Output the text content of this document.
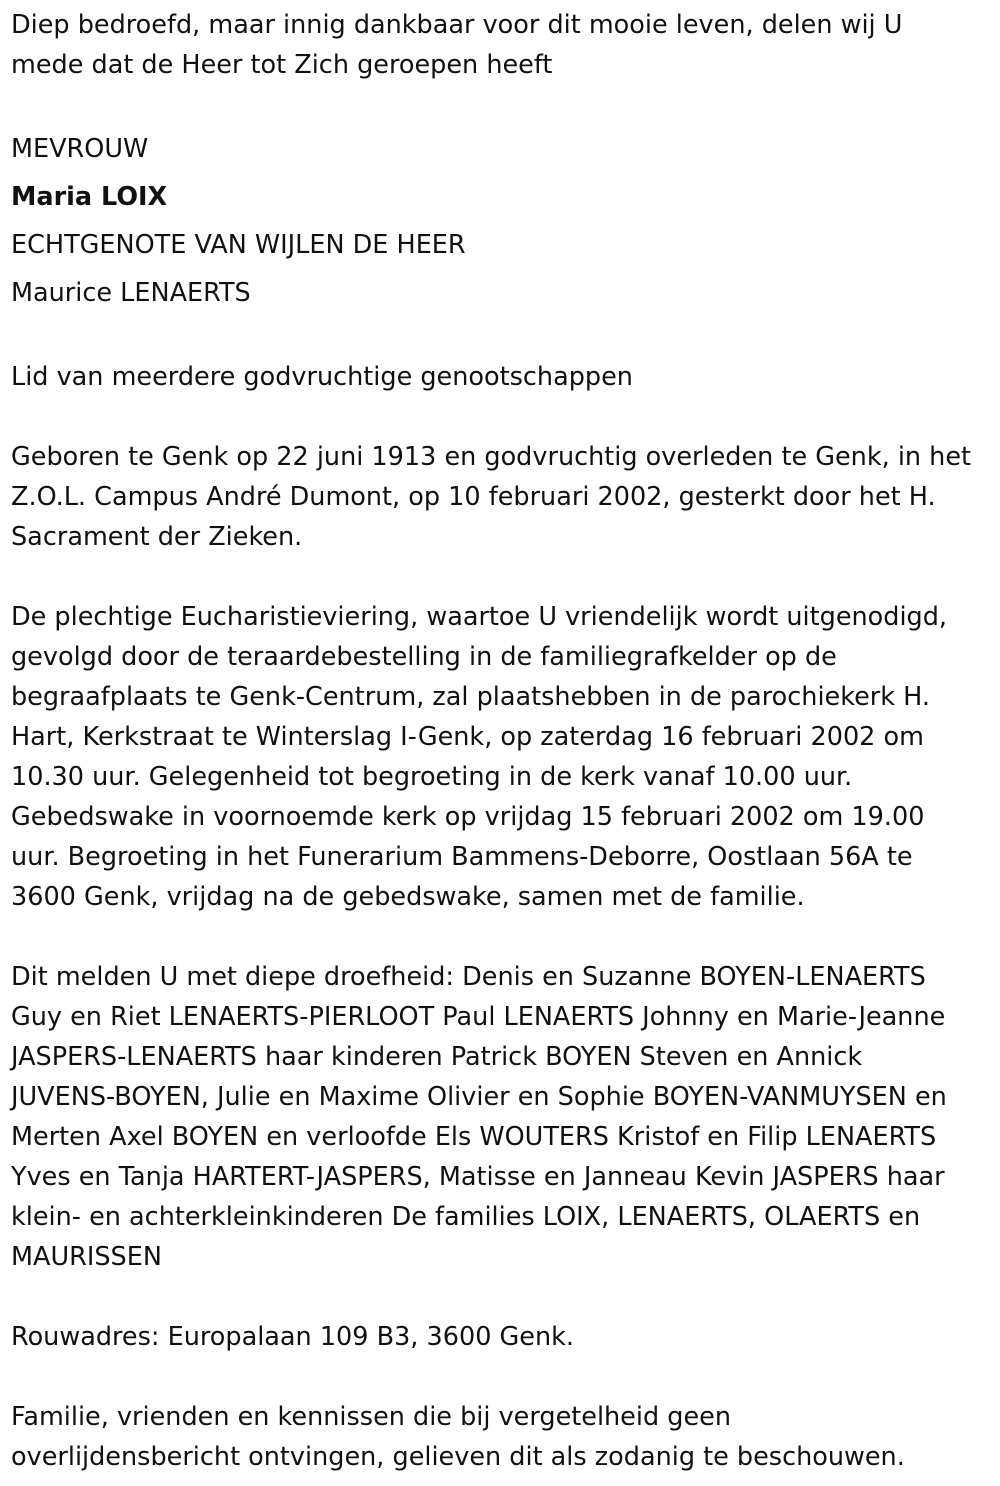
Diep bedroefd, maar innig dankbaar voor dit mooie leven, delen wij U

mede dat de Heer tot Zich geroepen heeft

MEVROUW

Maria LOIX

ECHTGENOTE VAN WIJLEN DE HEER

Maurice LENAERTS

Lid van meerdere godvruchtige genootschappen

Geboren te Genk op 22 juni 1913 en godvruchtig overleden te Genk, in het

Z.O.L. Campus André Dumont, op 10 februari 2002, gesterkt door het H.

Sacrament der Zieken.

De plechtige Eucharistieviering, waartoe U vriendelijk wordt uitgenodigd,

gevolgd door de teraardebestelling in de familiegrafkelder op de

begraafplaats te Genk-Centrum, zal plaatshebben in de parochiekerk H.

Hart, Kerkstraat te Winterslag I-Genk, op zaterdag 16 februari 2002 om

10.30 uur. Gelegenheid tot begroeting in de kerk vanaf 10.00 uur.

Gebedswake in voornoemde kerk op vrijdag 15 februari 2002 om 19.00

uur. Begroeting in het Funerarium Bammens-Deborre, Oostlaan 56A te

3600 Genk, vrijdag na de gebedswake, samen met de familie.

Dit melden U met diepe droefheid: Denis en Suzanne BOYEN-LENAERTS

Guy en Riet LENAERTS-PIERLOOT Paul LENAERTS Johnny en Marie-Jeanne

JASPERS-LENAERTS haar kinderen Patrick BOYEN Steven en Annick

JUVENS-BOYEN, Julie en Maxime Olivier en Sophie BOYEN-VANMUYSEN en

Merten Axel BOYEN en verloofde Els WOUTERS Kristof en Filip LENAERTS

Yves en Tanja HARTERT-JASPERS, Matisse en Janneau Kevin JASPERS haar

klein- en achterkleinkinderen De families LOIX, LENAERTS, OLAERTS en

MAURISSEN

Rouwadres: Europalaan 109 B3, 3600 Genk.

Familie, vrienden en kennissen die bij vergetelheid geen

overlijdensbericht ontvingen, gelieven dit als zodanig te beschouwen.
